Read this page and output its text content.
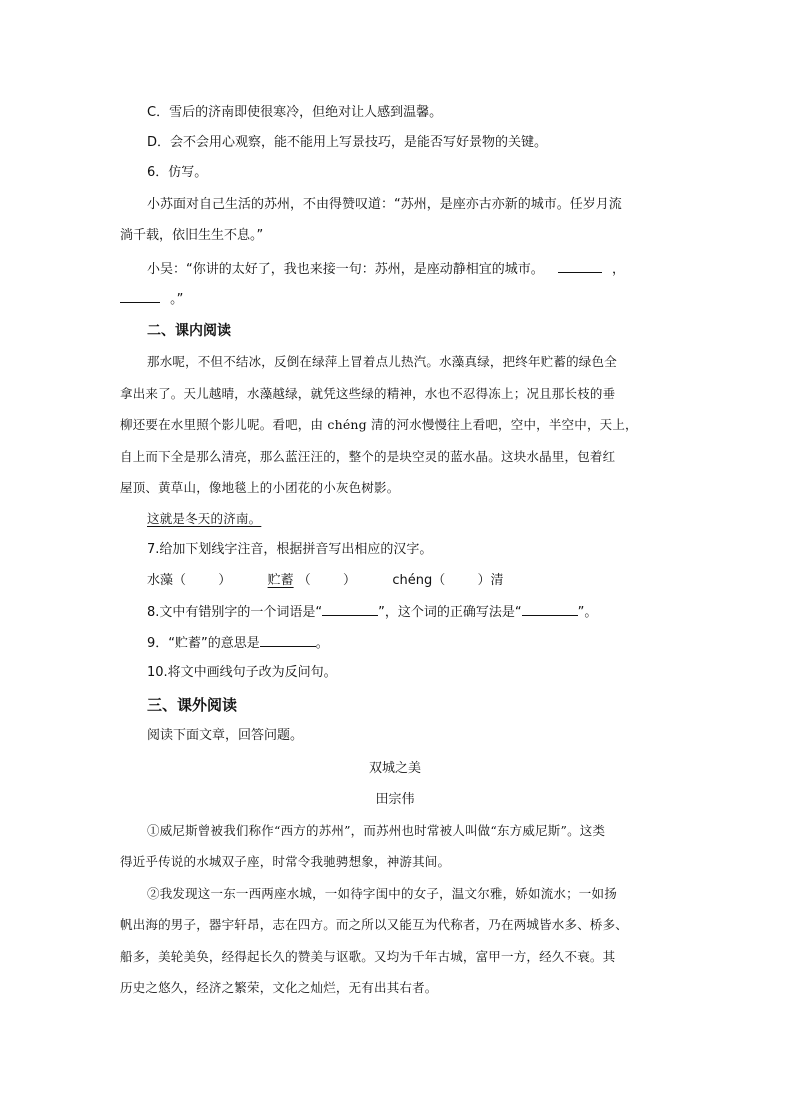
C．雪后的济南即使很寒冷，但绝对让人感到温馨。
D．会不会用心观察，能不能用上写景技巧，是能否写好景物的关键。
6．仿写。
小苏面对自己生活的苏州，不由得赞叹道：“苏州，是座亦古亦新的城市。任岁月流
淌千载，依旧生生不息。”
小吴：“你讲的太好了，我也来接一句：苏州，是座动静相宜的城市。	，
。”
二、课内阅读
那水呢，不但不结冰，反倒在绿萍上冒着点儿热汽。水藻真绿，把终年贮蓄的绿色全
拿出来了。天儿越晴，水藻越绿，就凭这些绿的精神，水也不忍得冻上；况且那长枝的垂
柳还要在水里照个影儿呢。看吧，由 chéng 清的河水慢慢往上看吧，空中，半空中，天上，
自上而下全是那么清亮，那么蓝汪汪的，整个的是块空灵的蓝水晶。这块水晶里，包着红
屋顶、黄草山，像地毯上的小团花的小灰色树影。
这就是冬天的济南。
7.给加下划线字注音，根据拼音写出相应的汉字。
水藻（ ）	贮蓄 （ ）	chéng（ ）清
8.文中有错别字的一个词语是“	”，这个词的正确写法是“	”。
9．“贮蓄”的意思是	。
10.将文中画线句子改为反问句。
三、课外阅读
阅读下面文章，回答问题。
双城之美
田宗伟
①威尼斯曾被我们称作“西方的苏州”，而苏州也时常被人叫做“东方威尼斯”。这类
得近乎传说的水城双子座，时常令我驰骋想象，神游其间。
②我发现这一东一西两座水城，一如待字闺中的女子，温文尔雅，娇如流水；一如扬
帆出海的男子，器宇轩昂，志在四方。而之所以又能互为代称者，乃在两城皆水多、桥多、
船多，美轮美奂，经得起长久的赞美与讴歌。又均为千年古城，富甲一方，经久不衰。其
历史之悠久，经济之繁荣，文化之灿烂，无有出其右者。
